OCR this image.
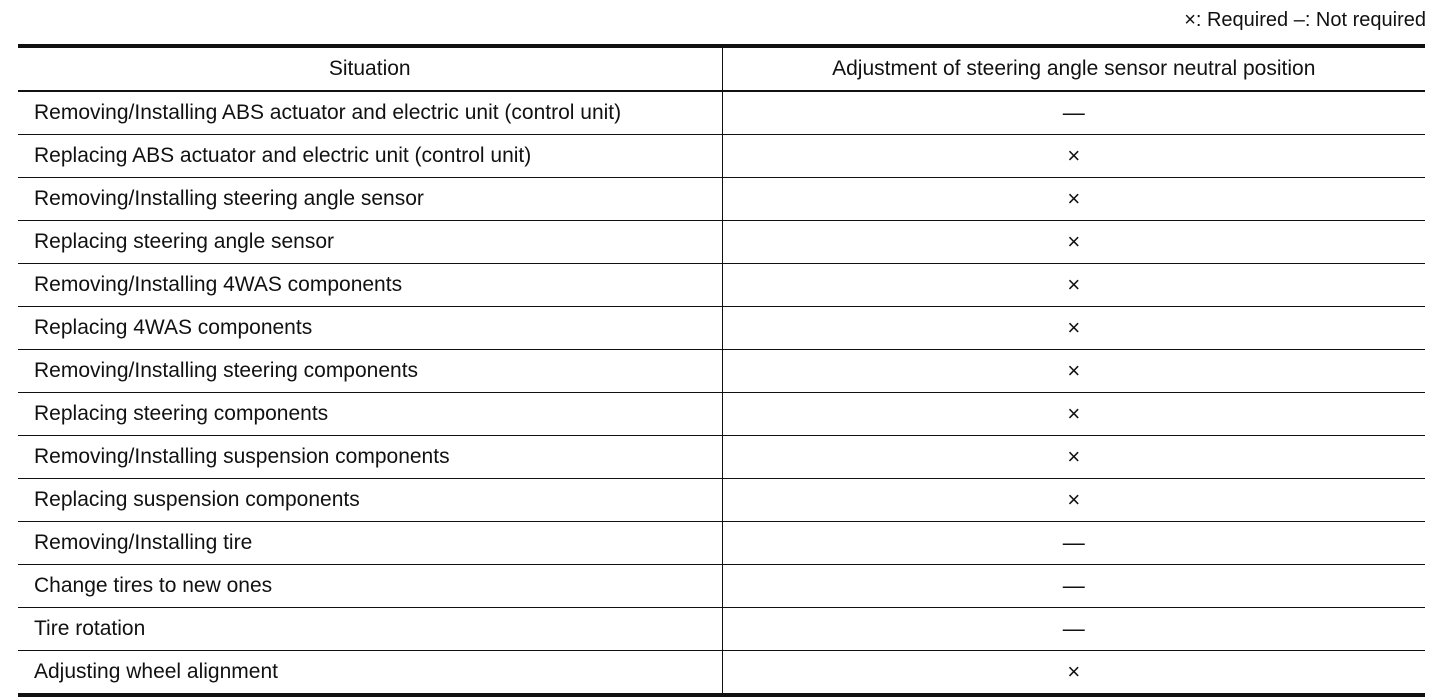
×: Required –: Not required
Situation	Adjustment of steering angle sensor neutral position
Removing/Installing ABS actuator and electric unit (control unit)	—
Replacing ABS actuator and electric unit (control unit)	×
Removing/Installing steering angle sensor	×
Replacing steering angle sensor	×
Removing/Installing 4WAS components	×
Replacing 4WAS components	×
Removing/Installing steering components	×
Replacing steering components	×
Removing/Installing suspension components	×
Replacing suspension components	×
Removing/Installing tire	—
Change tires to new ones	—
Tire rotation	—
Adjusting wheel alignment	×
